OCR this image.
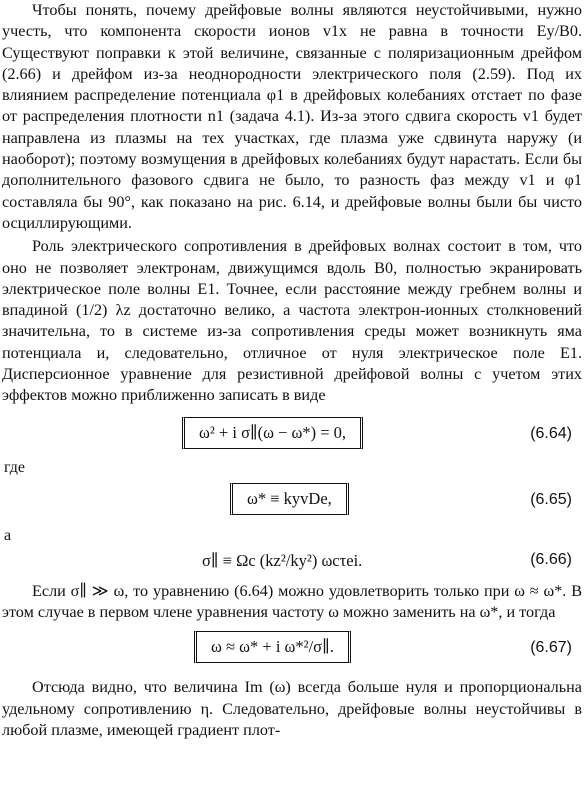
Чтобы понять, почему дрейфовые волны являются неустойчивыми, нужно учесть, что компонента скорости ионов v1x не равна в точности Ey/B0. Существуют поправки к этой величине, связанные с поляризационным дрейфом (2.66) и дрейфом из-за неоднородности электрического поля (2.59). Под их влиянием распределение потенциала φ1 в дрейфовых колебаниях отстает по фазе от распределения плотности n1 (задача 4.1). Из-за этого сдвига скорость v1 будет направлена из плазмы на тех участках, где плазма уже сдвинута наружу (и наоборот); поэтому возмущения в дрейфовых колебаниях будут нарастать. Если бы дополнительного фазового сдвига не было, то разность фаз между v1 и φ1 составляла бы 90°, как показано на рис. 6.14, и дрейфовые волны были бы чисто осциллирующими.

Роль электрического сопротивления в дрейфовых волнах состоит в том, что оно не позволяет электронам, движущимся вдоль B0, полностью экранировать электрическое поле волны E1. Точнее, если расстояние между гребнем волны и впадиной (1/2) λz достаточно велико, а частота электрон-ионных столкновений значительна, то в системе из-за сопротивления среды может возникнуть яма потенциала и, следовательно, отличное от нуля электрическое поле E1. Дисперсионное уравнение для резистивной дрейфовой волны с учетом этих эффектов можно приближенно записать в виде

ω² + i σ∥(ω − ω*) = 0,	(6.64)
где
ω* ≡ kyvDe,	(6.65)
а
σ∥ ≡ Ωc (kz²/ky²) ωcτei.	(6.66)

Если σ∥ ≫ ω, то уравнению (6.64) можно удовлетворить только при ω ≈ ω*. В этом случае в первом члене уравнения частоту ω можно заменить на ω*, и тогда

ω ≈ ω* + i ω*²/σ∥.	(6.67)

Отсюда видно, что величина Im (ω) всегда больше нуля и пропорциональна удельному сопротивлению η. Следовательно, дрейфовые волны неустойчивы в любой плазме, имеющей градиент плот-
